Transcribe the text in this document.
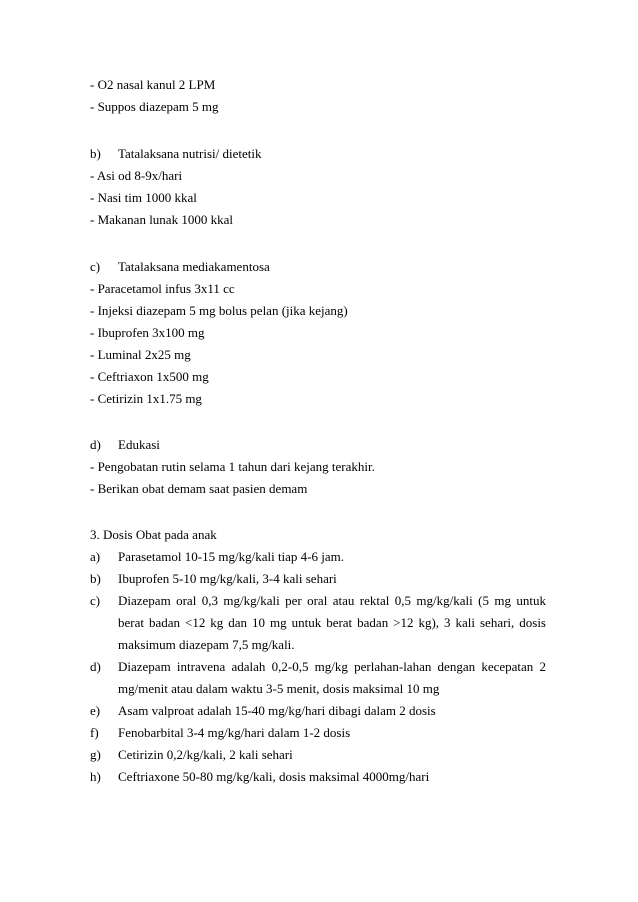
- O2 nasal kanul 2 LPM
- Suppos diazepam 5 mg
b) Tatalaksana nutrisi/ dietetik
- Asi od 8-9x/hari
- Nasi tim 1000 kkal
- Makanan lunak 1000 kkal
c) Tatalaksana mediakamentosa
- Paracetamol infus 3x11 cc
- Injeksi diazepam 5 mg bolus pelan (jika kejang)
- Ibuprofen 3x100 mg
- Luminal 2x25 mg
- Ceftriaxon 1x500 mg
- Cetirizin 1x1.75 mg
d) Edukasi
- Pengobatan rutin selama 1 tahun dari kejang terakhir.
- Berikan obat demam saat pasien demam
3. Dosis Obat pada anak
a) Parasetamol 10-15 mg/kg/kali tiap 4-6 jam.
b) Ibuprofen 5-10 mg/kg/kali, 3-4 kali sehari
c) Diazepam oral 0,3 mg/kg/kali per oral atau rektal 0,5 mg/kg/kali (5 mg untuk
berat badan <12 kg dan 10 mg untuk berat badan >12 kg), 3 kali sehari, dosis
maksimum diazepam 7,5 mg/kali.
d) Diazepam intravena adalah 0,2-0,5 mg/kg perlahan-lahan dengan kecepatan 2
mg/menit atau dalam waktu 3-5 menit, dosis maksimal 10 mg
e) Asam valproat adalah 15-40 mg/kg/hari dibagi dalam 2 dosis
f) Fenobarbital 3-4 mg/kg/hari dalam 1-2 dosis
g) Cetirizin 0,2/kg/kali, 2 kali sehari
h) Ceftriaxone 50-80 mg/kg/kali, dosis maksimal 4000mg/hari
